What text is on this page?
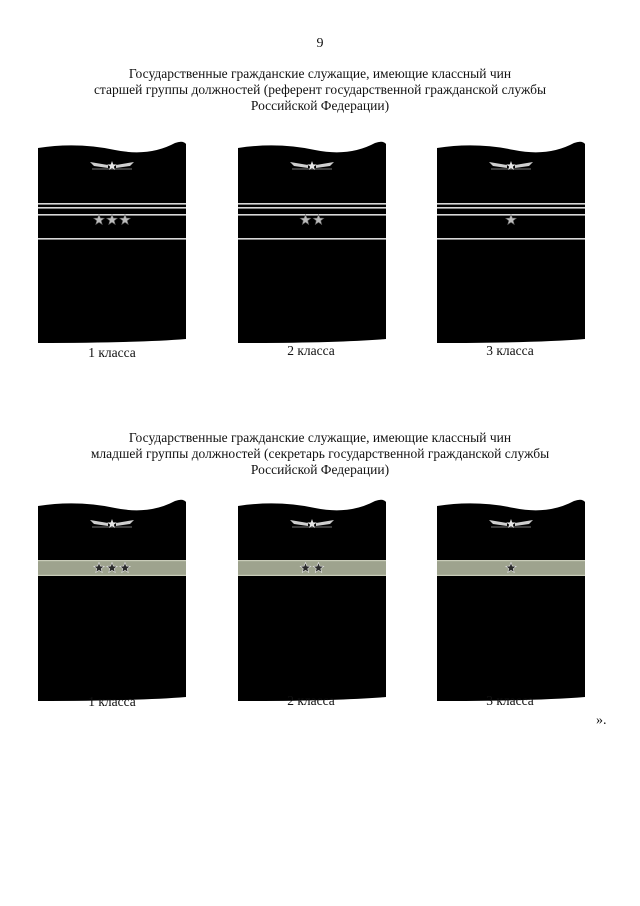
9
Государственные гражданские служащие, имеющие классный чин
старшей группы должностей (референт государственной гражданской службы
Российской Федерации)
1 класса	2 класса	3 класса
Государственные гражданские служащие, имеющие классный чин
младшей группы должностей (секретарь государственной гражданской службы
Российской Федерации)
1 класса	2 класса	3 класса
».
